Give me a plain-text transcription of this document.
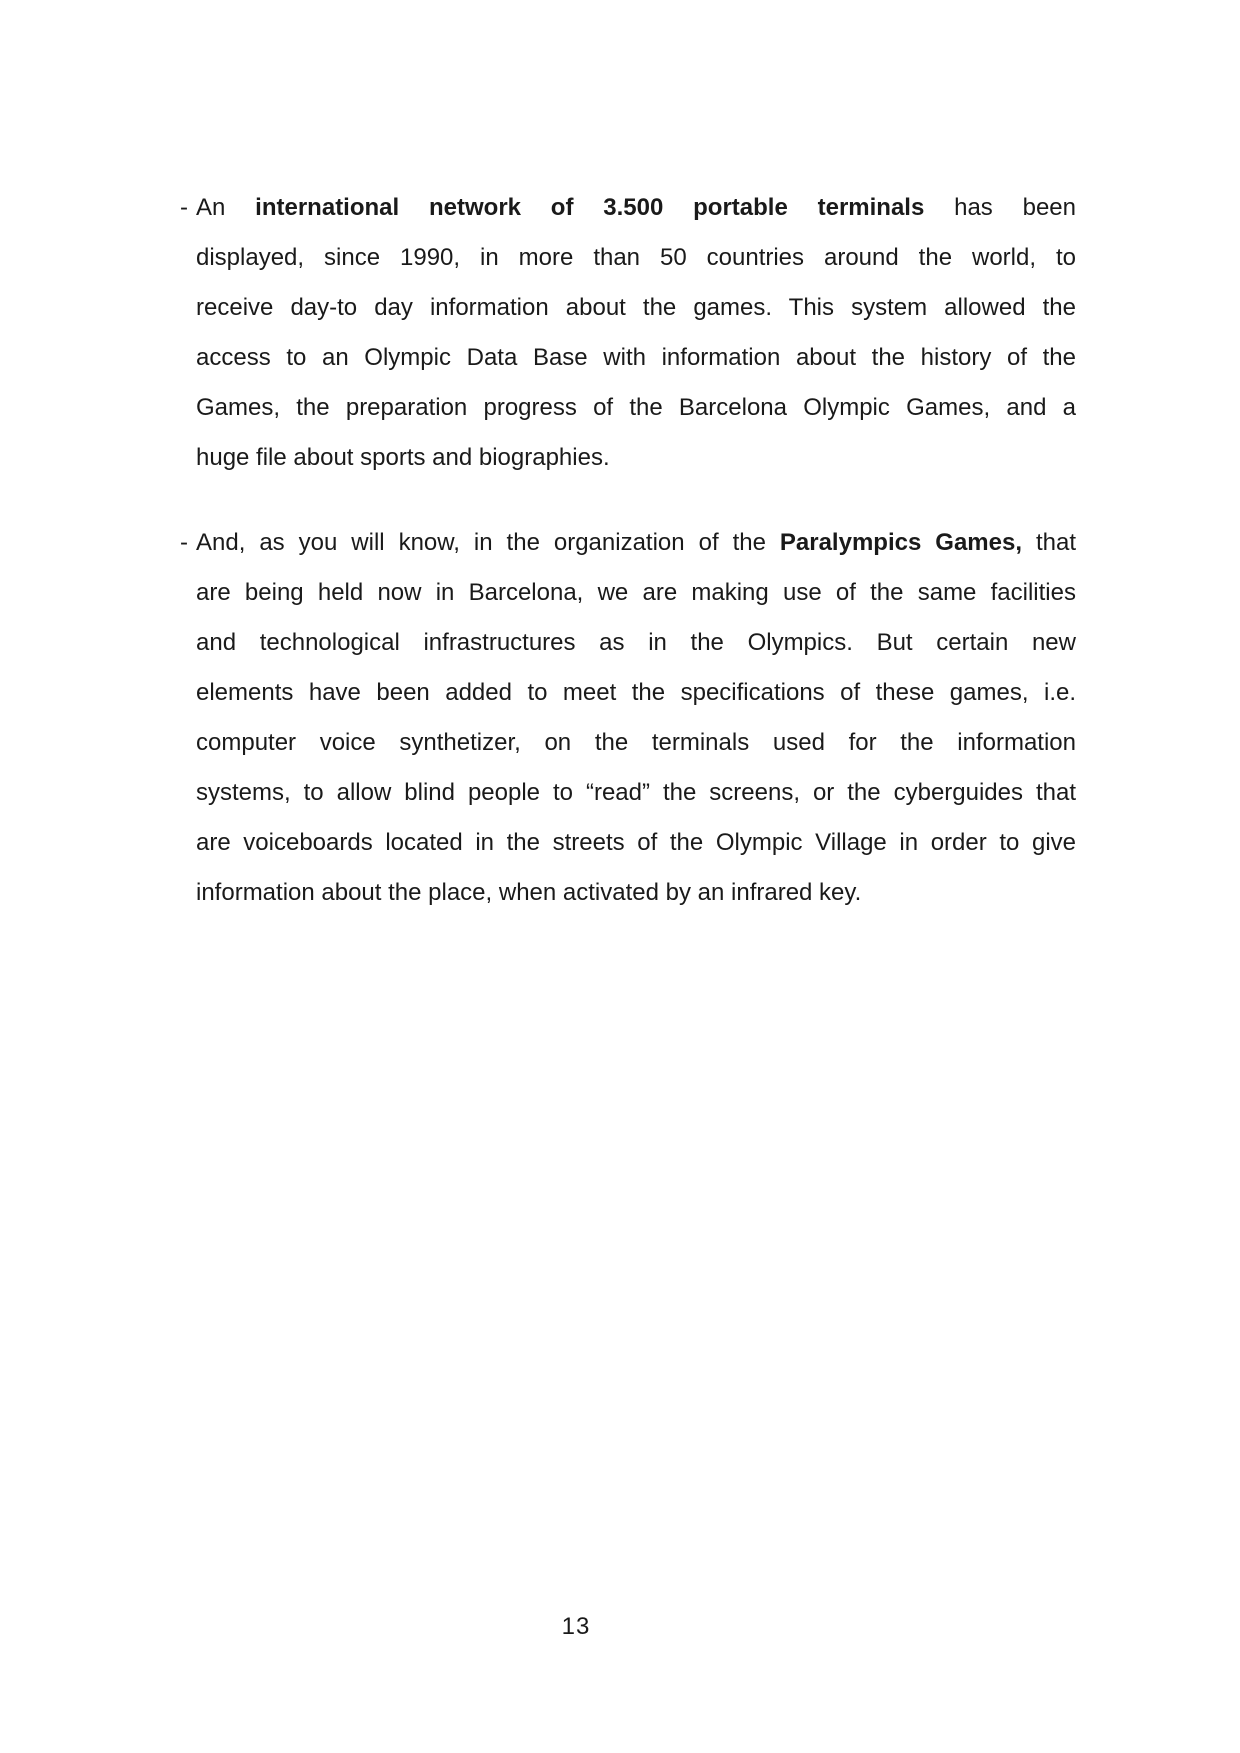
- An international network of 3.500 portable terminals has been
displayed, since 1990, in more than 50 countries around the world, to
receive day-to day information about the games. This system allowed the
access to an Olympic Data Base with information about the history of the
Games, the preparation progress of the Barcelona Olympic Games, and a
huge file about sports and biographies.
- And, as you will know, in the organization of the Paralympics Games, that
are being held now in Barcelona, we are making use of the same facilities
and technological infrastructures as in the Olympics. But certain new
elements have been added to meet the specifications of these games, i.e.
computer voice synthetizer, on the terminals used for the information
systems, to allow blind people to “read” the screens, or the cyberguides that
are voiceboards located in the streets of the Olympic Village in order to give
information about the place, when activated by an infrared key.
13
